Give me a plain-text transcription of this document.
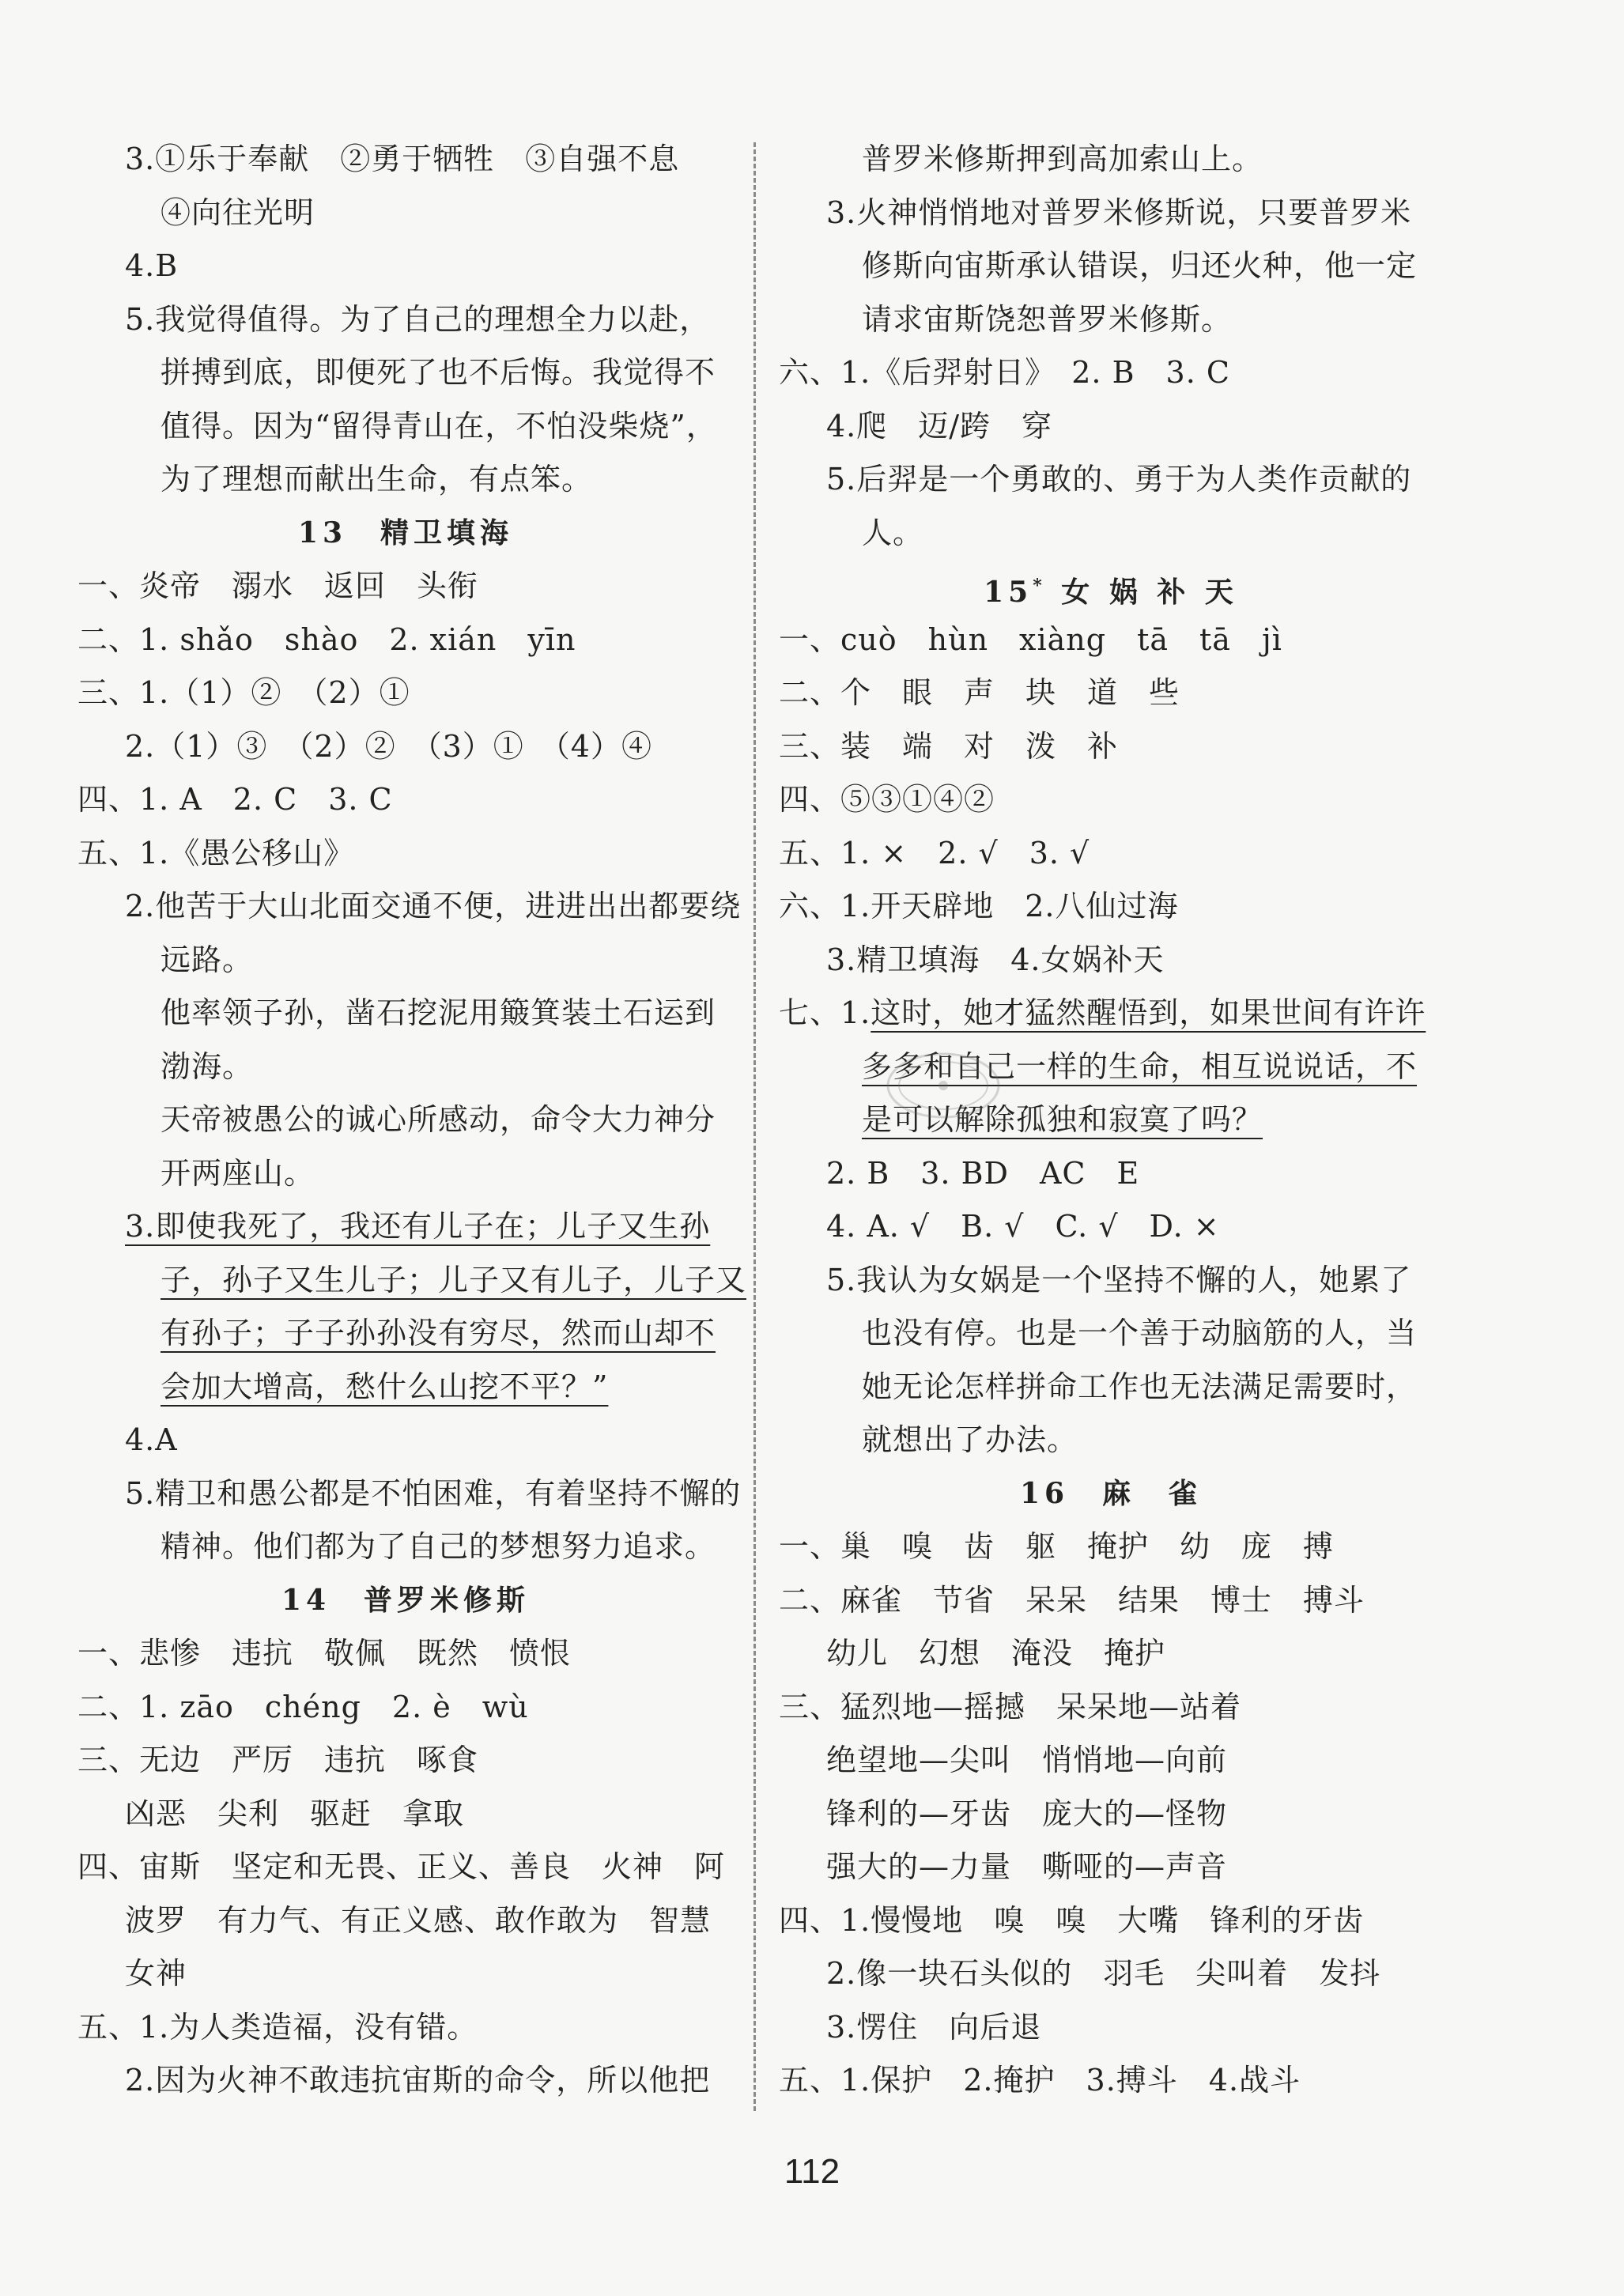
3.①乐于奉献　②勇于牺牲　③自强不息
④向往光明
4.B
5.我觉得值得。为了自己的理想全力以赴，
拼搏到底，即便死了也不后悔。我觉得不
值得。因为“留得青山在，不怕没柴烧”，
为了理想而献出生命，有点笨。
13　精卫填海
一、炎帝　溺水　返回　头衔
二、1. shǎo　shào　2. xián　yīn
三、1.（1）②　（2）①
2.（1）③　（2）②　（3）①　（4）④
四、1. A　2. C　3. C
五、1.《愚公移山》
2.他苦于大山北面交通不便，进进出出都要绕
远路。
他率领子孙，凿石挖泥用簸箕装土石运到
渤海。
天帝被愚公的诚心所感动，命令大力神分
开两座山。
3.即使我死了，我还有儿子在；儿子又生孙
子，孙子又生儿子；儿子又有儿子，儿子又
有孙子；子子孙孙没有穷尽，然而山却不
会加大增高，愁什么山挖不平？”
4.A
5.精卫和愚公都是不怕困难，有着坚持不懈的
精神。他们都为了自己的梦想努力追求。
14　普罗米修斯
一、悲惨　违抗　敬佩　既然　愤恨
二、1. zāo　chéng　2. è　wù
三、无边　严厉　违抗　啄食
凶恶　尖利　驱赶　拿取
四、宙斯　坚定和无畏、正义、善良　火神　阿
波罗　有力气、有正义感、敢作敢为　智慧
女神
五、1.为人类造福，没有错。
2.因为火神不敢违抗宙斯的命令，所以他把
普罗米修斯押到高加索山上。
3.火神悄悄地对普罗米修斯说，只要普罗米
修斯向宙斯承认错误，归还火种，他一定
请求宙斯饶恕普罗米修斯。
六、1.《后羿射日》　2. B　3. C
4.爬　迈/跨　穿
5.后羿是一个勇敢的、勇于为人类作贡献的
人。
15* 女 娲 补 天
一、cuò　hùn　xiàng　tā　tā　jì
二、个　眼　声　块　道　些
三、装　端　对　泼　补
四、⑤③①④②
五、1. ×　2. √　3. √
六、1.开天辟地　2.八仙过海
3.精卫填海　4.女娲补天
七、1.这时，她才猛然醒悟到，如果世间有许许
多多和自己一样的生命，相互说说话，不
是可以解除孤独和寂寞了吗？
2. B　3. BD　AC　E
4. A. √　B. √　C. √　D. ×
5.我认为女娲是一个坚持不懈的人，她累了
也没有停。也是一个善于动脑筋的人，当
她无论怎样拼命工作也无法满足需要时，
就想出了办法。
16　麻　雀
一、巢　嗅　齿　躯　掩护　幼　庞　搏
二、麻雀　节省　呆呆　结果　博士　搏斗
幼儿　幻想　淹没　掩护
三、猛烈地—摇撼　呆呆地—站着
绝望地—尖叫　悄悄地—向前
锋利的—牙齿　庞大的—怪物
强大的—力量　嘶哑的—声音
四、1.慢慢地　嗅　嗅　大嘴　锋利的牙齿
2.像一块石头似的　羽毛　尖叫着　发抖
3.愣住　向后退
五、1.保护　2.掩护　3.搏斗　4.战斗
112
